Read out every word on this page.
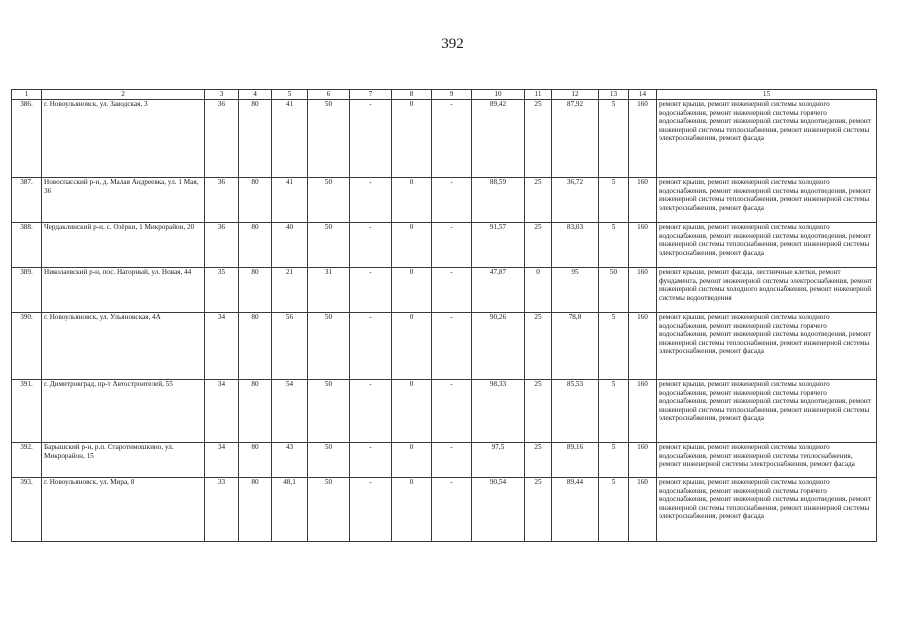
392
1	2	3	4	5	6	7	8	9	10	11	12	13	14	15
386.	г. Новоульяновск, ул. Заводская, 3	36	80	41	50	-	0	-	89,42	25	87,92	5	160	ремонт крыши, ремонт инженерной системы холодного водоснабжения, ремонт инженерной системы горячего водоснабжения, ремонт инженерной системы водоотведения, ремонт инженерной системы теплоснабжения, ремонт инженерной системы электроснабжения, ремонт фасада
387.	Новоспасский р-н, д. Малая Андреевка, ул. 1 Мая, 36	36	80	41	50	-	0	-	88,59	25	36,72	5	160	ремонт крыши, ремонт инженерной системы холодного водоснабжения, ремонт инженерной системы водоотведения, ремонт инженерной системы теплоснабжения, ремонт инженерной системы электроснабжения, ремонт фасада
388.	Чердаклинский р-н, с. Озёрки, 1 Микрорайон, 20	36	80	40	50	-	0	-	91,57	25	83,03	5	160	ремонт крыши, ремонт инженерной системы холодного водоснабжения, ремонт инженерной системы водоотведения, ремонт инженерной системы теплоснабжения, ремонт инженерной системы электроснабжения, ремонт фасада
389.	Николаевский р-н, пос. Нагорный, ул. Новая, 44	35	80	21	31	-	0	-	47,87	0	95	50	160	ремонт крыши, ремонт фасада, лестничные клетки, ремонт фундамента, ремонт инженерной системы электроснабжения, ремонт инженерной системы холодного водоснабжения, ремонт инженерной системы водоотведения
390.	г. Новоульяновск, ул. Ульяновская, 4А	34	80	56	50	-	0	-	90,26	25	78,8	5	160	ремонт крыши, ремонт инженерной системы холодного водоснабжения, ремонт инженерной системы горячего водоснабжения, ремонт инженерной системы водоотведения, ремонт инженерной системы теплоснабжения, ремонт инженерной системы электроснабжения, ремонт фасада
391.	г. Димитровград, пр-т Автостроителей, 55	34	80	54	50	-	0	-	98,33	25	85,53	5	160	ремонт крыши, ремонт инженерной системы холодного водоснабжения, ремонт инженерной системы горячего водоснабжения, ремонт инженерной системы водоотведения, ремонт инженерной системы теплоснабжения, ремонт инженерной системы электроснабжения, ремонт фасада
392.	Барышский р-н, р.п. Старотимошкино, ул. Микрорайон, 15	34	80	43	50	-	0	-	97,5	25	89,16	5	160	ремонт крыши, ремонт инженерной системы холодного водоснабжения, ремонт инженерной системы теплоснабжения, ремонт инженерной системы электроснабжения, ремонт фасада
393.	г. Новоульяновск, ул. Мира, 8	33	80	48,1	50	-	0	-	90,54	25	89,44	5	160	ремонт крыши, ремонт инженерной системы холодного водоснабжения, ремонт инженерной системы горячего водоснабжения, ремонт инженерной системы водоотведения, ремонт инженерной системы теплоснабжения, ремонт инженерной системы электроснабжения, ремонт фасада
